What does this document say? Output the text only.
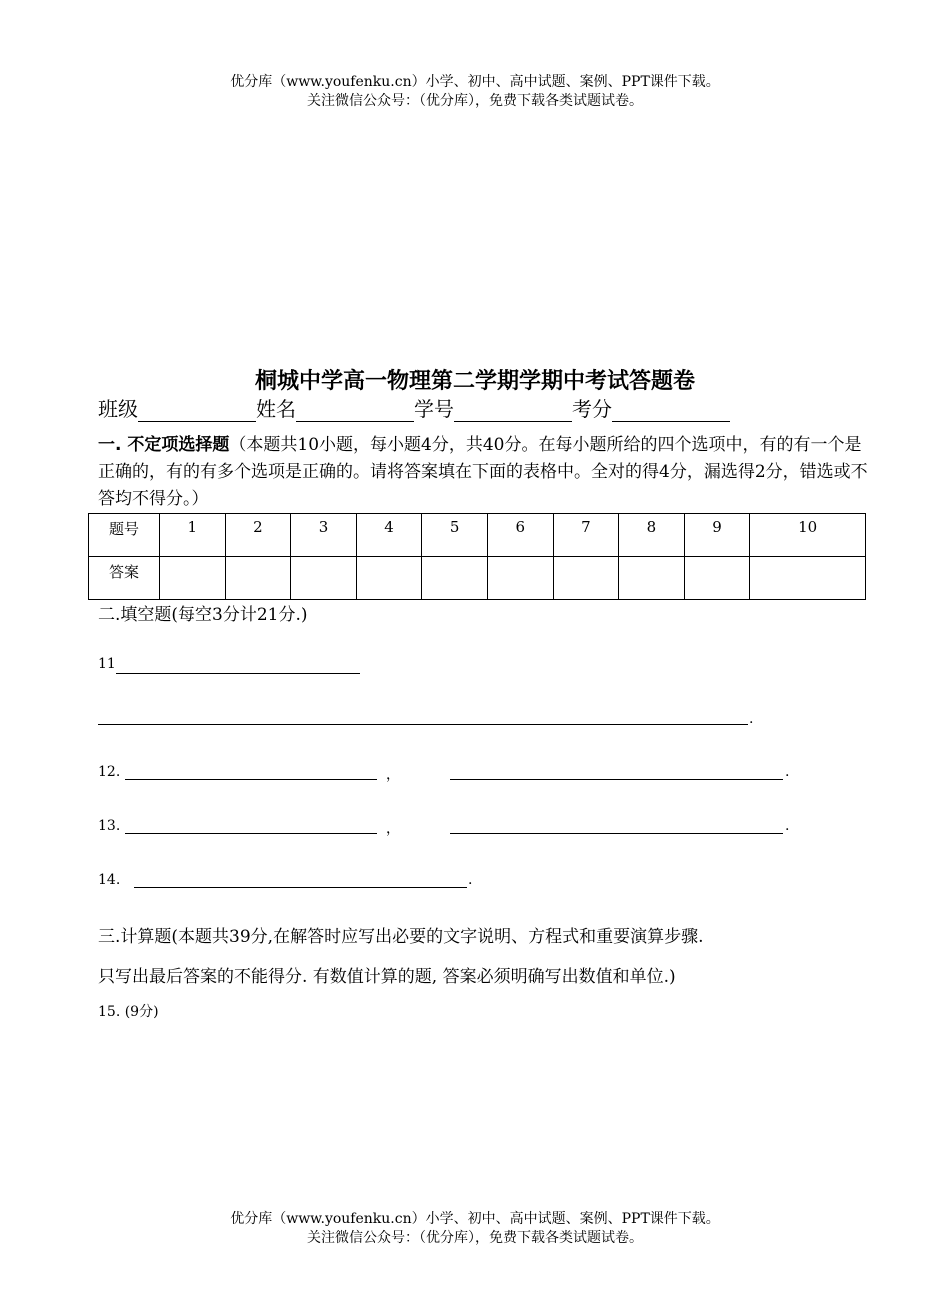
优分库（www.youfenku.cn）小学、初中、高中试题、案例、PPT课件下载。
关注微信公众号：（优分库），免费下载各类试题试卷。
桐城中学高一物理第二学期学期中考试答题卷
班级	姓名	学号	考分
一. 不定项选择题（本题共10小题，每小题4分，共40分。在每小题所给的四个选项中，有的有一个是正确的，有的有多个选项是正确的。请将答案填在下面的表格中。全对的得4分，漏选得2分，错选或不答均不得分。）
题号	1	2	3	4	5	6	7	8	9	10
答案										
二.填空题(每空3分计21分.)
11
.
12.	，	.
13.	，	.
14.	.
三.计算题(本题共39分,在解答时应写出必要的文字说明、方程式和重要演算步骤.
只写出最后答案的不能得分. 有数值计算的题, 答案必须明确写出数值和单位.)
15. (9分)
优分库（www.youfenku.cn）小学、初中、高中试题、案例、PPT课件下载。
关注微信公众号：（优分库），免费下载各类试题试卷。
